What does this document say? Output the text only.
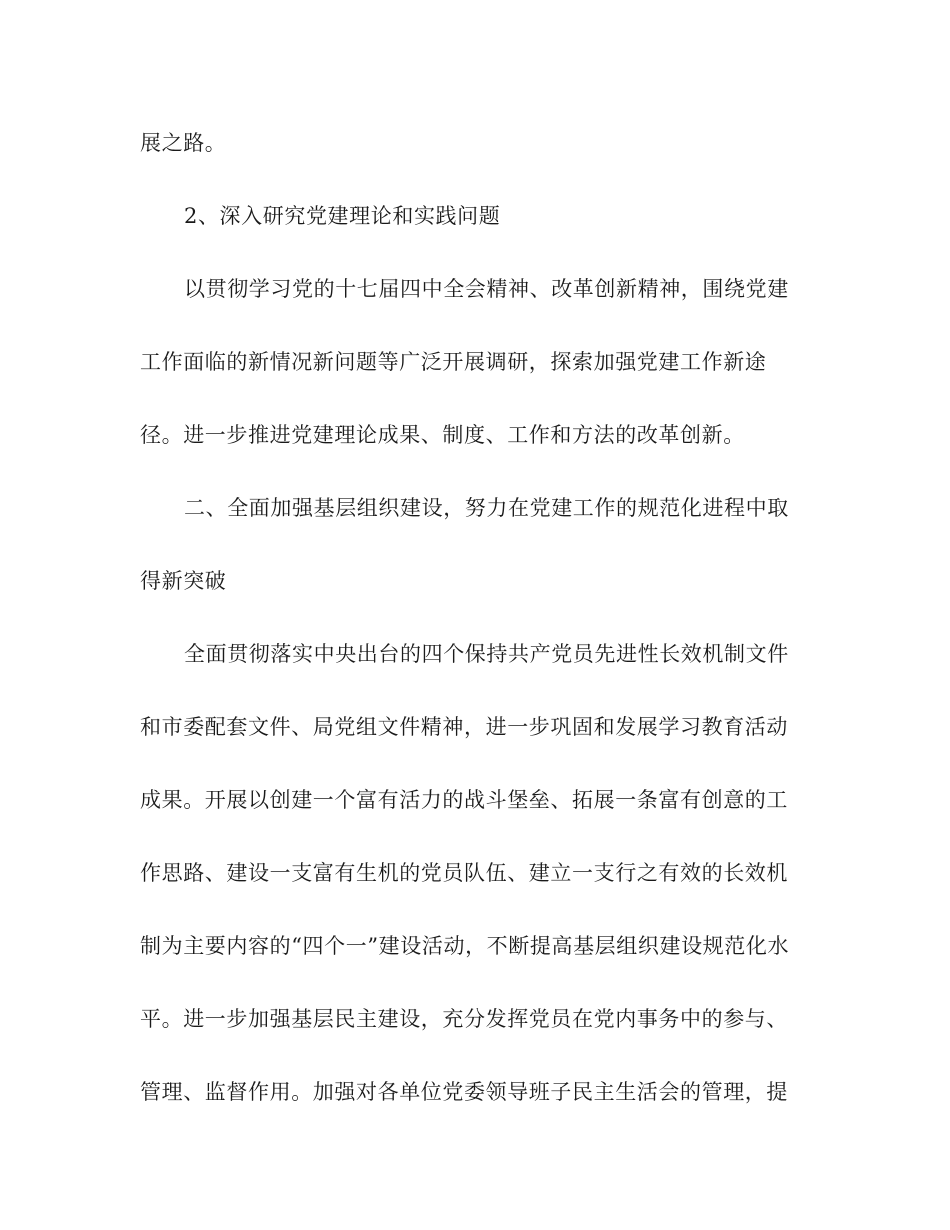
展之路。
2、深入研究党建理论和实践问题
以贯彻学习党的十七届四中全会精神、改革创新精神，围绕党建
工作面临的新情况新问题等广泛开展调研，探索加强党建工作新途
径。进一步推进党建理论成果、制度、工作和方法的改革创新。
二、全面加强基层组织建设，努力在党建工作的规范化进程中取
得新突破
全面贯彻落实中央出台的四个保持共产党员先进性长效机制文件
和市委配套文件、局党组文件精神，进一步巩固和发展学习教育活动
成果。开展以创建一个富有活力的战斗堡垒、拓展一条富有创意的工
作思路、建设一支富有生机的党员队伍、建立一支行之有效的长效机
制为主要内容的“四个一”建设活动，不断提高基层组织建设规范化水
平。进一步加强基层民主建设，充分发挥党员在党内事务中的参与、
管理、监督作用。加强对各单位党委领导班子民主生活会的管理，提
